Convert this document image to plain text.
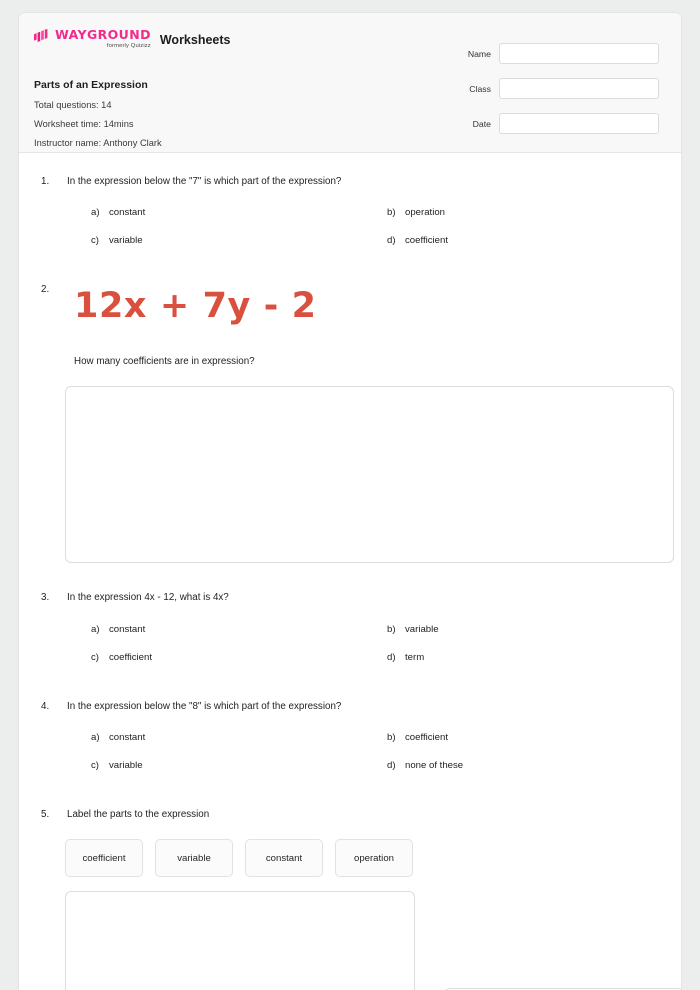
WAYGROUND
formerly Quizizz Worksheets
Parts of an Expression
Total questions: 14
Worksheet time: 14mins
Instructor name: Anthony Clark
Name
Class
Date
1.	In the expression below the "7" is which part of the expression?
a) constant	b) operation
c)	variable	d) coefficient
2. 12x + 7y - 2
How many coefficients are in expression?
3.	In the expression 4x - 12, what is 4x?
a) constant	b) variable
c)	coefficient	d) term
4.	In the expression below the "8" is which part of the expression?
a) constant	b) coefficient
c)	variable	d) none of these
5.	Label the parts to the expression
coefficient	variable	constant	operation
